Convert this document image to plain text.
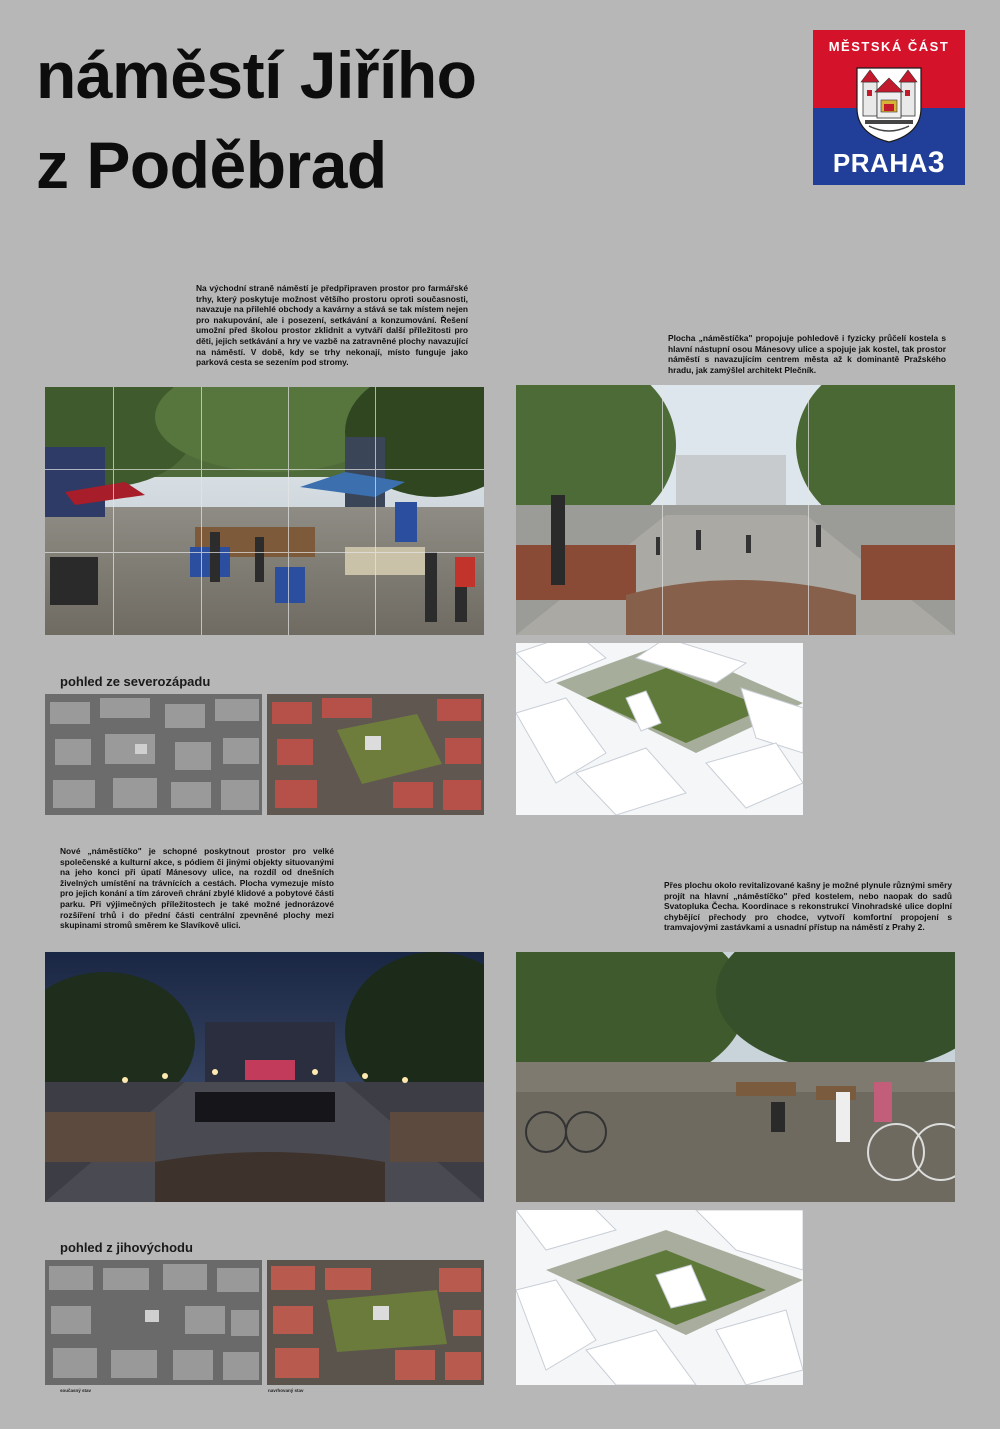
náměstí Jiřího
z Poděbrad
MĚSTSKÁ ČÁST
PRAHA3
Na východní straně náměstí je předpřipraven prostor pro farmářské trhy, který poskytuje možnost většího prostoru oproti současnosti, navazuje na přilehlé obchody a kavárny a stává se tak místem nejen pro nakupování, ale i posezení, setkávání a konzumování. Řešení umožní před školou prostor zklidnit a vytváří další příležitosti pro děti, jejich setkávání a hry ve vazbě na zatravněné plochy navazující na náměstí. V době, kdy se trhy nekonají, místo funguje jako parková cesta se sezením pod stromy.
Plocha „náměstíčka" propojuje pohledově i fyzicky průčelí kostela s hlavní nástupní osou Mánesovy ulice a spojuje jak kostel, tak prostor náměstí s navazujícím centrem města až k dominantě Pražského hradu, jak zamýšlel architekt Plečník.
Nové „náměstíčko" je schopné poskytnout prostor pro velké společenské a kulturní akce, s pódiem či jinými objekty situovanými na jeho konci při úpatí Mánesovy ulice, na rozdíl od dnešních živelných umístění na trávnících a cestách. Plocha vymezuje místo pro jejich konání a tím zároveň chrání zbylé klidové a pobytové části parku. Při výjimečných příležitostech je také možné jednorázové rozšíření trhů i do přední části centrální zpevněné plochy mezi skupinami stromů směrem ke Slavíkově ulici.
Přes plochu okolo revitalizované kašny je možné plynule různými směry projít na hlavní „náměstíčko" před kostelem, nebo naopak do sadů Svatopluka Čecha. Koordinace s rekonstrukcí Vinohradské ulice doplní chybějící přechody pro chodce, vytvoří komfortní propojení s tramvajovými zastávkami a usnadní přístup na náměstí z Prahy 2.
pohled ze severozápadu
pohled z jihovýchodu
současný stav	navrhovaný stav
